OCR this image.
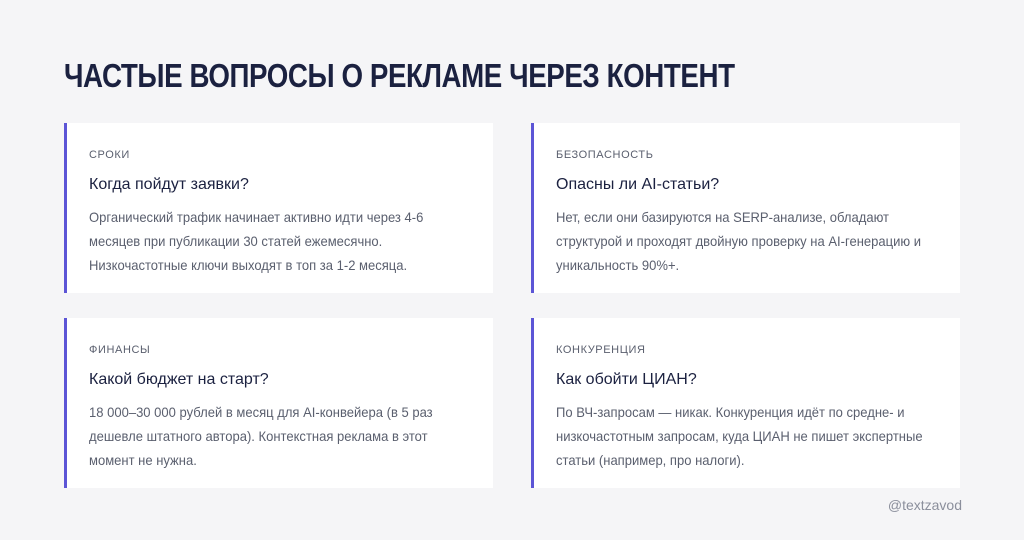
ЧАСТЫЕ ВОПРОСЫ О РЕКЛАМЕ ЧЕРЕЗ КОНТЕНТ
СРОКИ
Когда пойдут заявки?
Органический трафик начинает активно идти через 4-6 месяцев при публикации 30 статей ежемесячно. Низкочастотные ключи выходят в топ за 1-2 месяца.
БЕЗОПАСНОСТЬ
Опасны ли AI-статьи?
Нет, если они базируются на SERP-анализе, обладают структурой и проходят двойную проверку на AI-генерацию и уникальность 90%+.
ФИНАНСЫ
Какой бюджет на старт?
18 000–30 000 рублей в месяц для AI-конвейера (в 5 раз дешевле штатного автора). Контекстная реклама в этот момент не нужна.
КОНКУРЕНЦИЯ
Как обойти ЦИАН?
По ВЧ-запросам — никак. Конкуренция идёт по средне- и низкочастотным запросам, куда ЦИАН не пишет экспертные статьи (например, про налоги).
@textzavod
